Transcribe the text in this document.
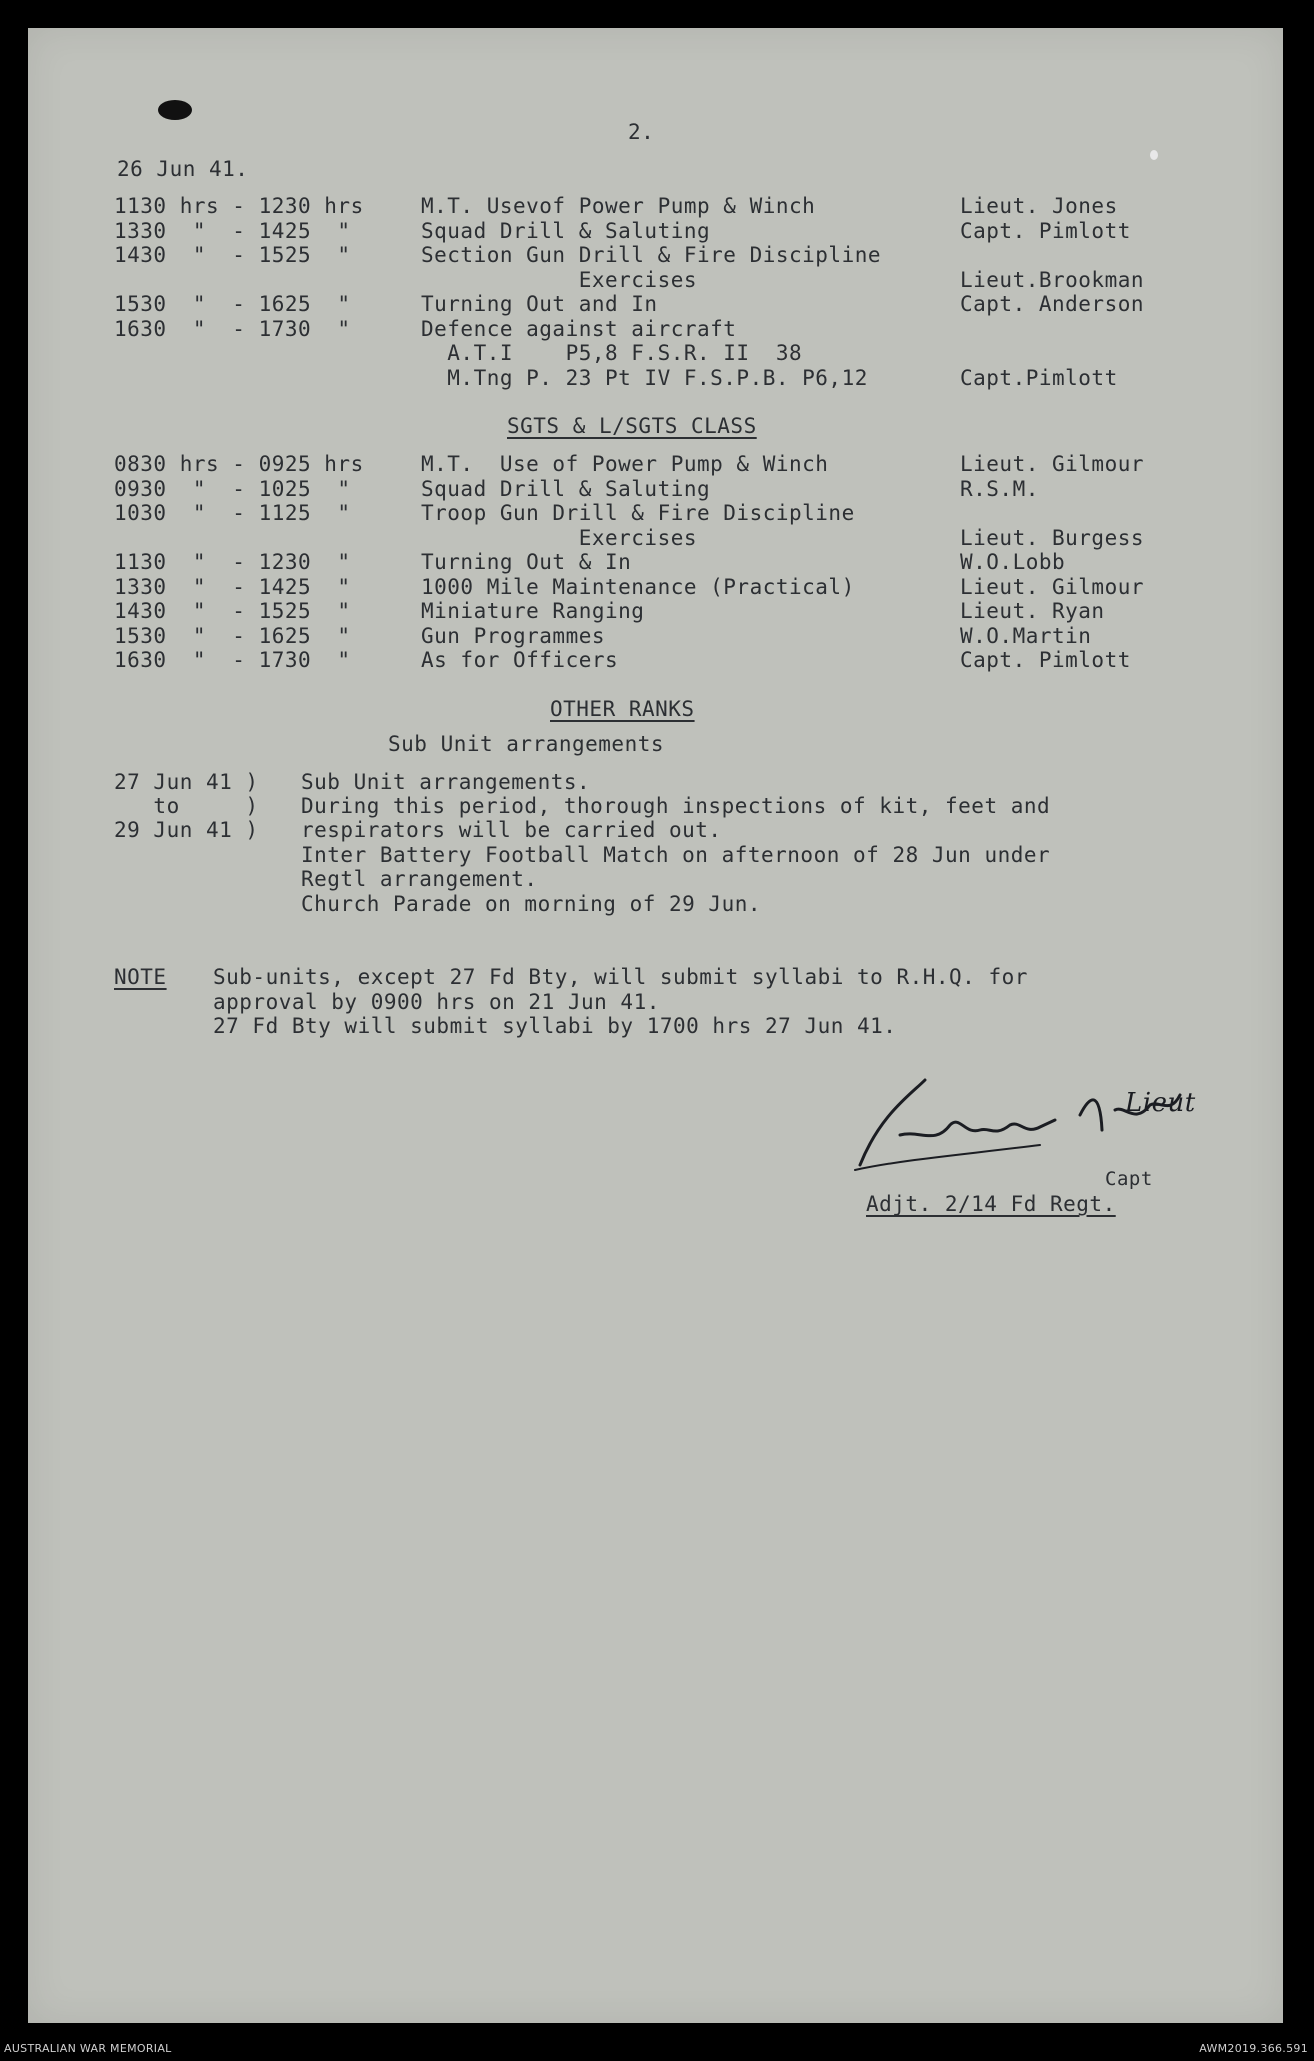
2.
26 Jun 41.
1130 hrs - 1230 hrs	M.T. Usevof Power Pump & Winch	Lieut. Jones
1330  "  - 1425  "	Squad Drill & Saluting	Capt. Pimlott
1430  "  - 1525  "	Section Gun Drill & Fire Discipline
Exercises	Lieut.Brookman
1530  "  - 1625  "	Turning Out and In	Capt. Anderson
1630  "  - 1730  "	Defence against aircraft
A.T.I    P5,8 F.S.R. II  38
M.Tng P. 23 Pt IV F.S.P.B. P6,12	Capt.Pimlott
SGTS & L/SGTS CLASS
0830 hrs - 0925 hrs	M.T.  Use of Power Pump & Winch	Lieut. Gilmour
0930  "  - 1025  "	Squad Drill & Saluting	R.S.M.
1030  "  - 1125  "	Troop Gun Drill & Fire Discipline
Exercises	Lieut. Burgess
1130  "  - 1230  "	Turning Out & In	W.O.Lobb
1330  "  - 1425  "	1000 Mile Maintenance (Practical)	Lieut. Gilmour
1430  "  - 1525  "	Miniature Ranging	Lieut. Ryan
1530  "  - 1625  "	Gun Programmes	W.O.Martin
1630  "  - 1730  "	As for Officers	Capt. Pimlott
OTHER RANKS
Sub Unit arrangements
27 Jun 41 )
to     )
29 Jun 41 )
Sub Unit arrangements.
During this period, thorough inspections of kit, feet and
respirators will be carried out.
Inter Battery Football Match on afternoon of 28 Jun under
Regtl arrangement.
Church Parade on morning of 29 Jun.
NOTE Sub-units, except 27 Fd Bty, will submit syllabi to R.H.Q. for
approval by 0900 hrs on 21 Jun 41.
27 Fd Bty will submit syllabi by 1700 hrs 27 Jun 41.
Lieut
Capt
Adjt. 2/14 Fd Regt.
AUSTRALIAN WAR MEMORIAL	AWM2019.366.591
